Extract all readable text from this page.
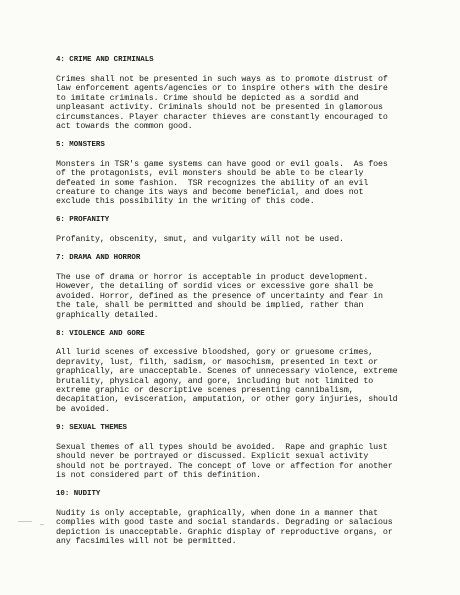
4: CRIME AND CRIMINALS
Crimes shall not be presented in such ways as to promote distrust of
law enforcement agents/agencies or to inspire others with the desire
to imitate criminals. Crime should be depicted as a sordid and
unpleasant activity. Criminals should not be presented in glamorous
circumstances. Player character thieves are constantly encouraged to
act towards the common good.
5: MONSTERS
Monsters in TSR's game systems can have good or evil goals.  As foes
of the protagonists, evil monsters should be able to be clearly
defeated in some fashion.  TSR recognizes the ability of an evil
creature to change its ways and become beneficial, and does not
exclude this possibility in the writing of this code.
6: PROFANITY
Profanity, obscenity, smut, and vulgarity will not be used.
7: DRAMA AND HORROR
The use of drama or horror is acceptable in product development.
However, the detailing of sordid vices or excessive gore shall be
avoided. Horror, defined as the presence of uncertainty and fear in
the tale, shall be permitted and should be implied, rather than
graphically detailed.
8: VIOLENCE AND GORE
All lurid scenes of excessive bloodshed, gory or gruesome crimes,
depravity, lust, filth, sadism, or masochism, presented in text or
graphically, are unacceptable. Scenes of unnecessary violence, extreme
brutality, physical agony, and gore, including but not limited to
extreme graphic or descriptive scenes presenting cannibalism,
decapitation, evisceration, amputation, or other gory injuries, should
be avoided.
9: SEXUAL THEMES
Sexual themes of all types should be avoided.  Rape and graphic lust
should never be portrayed or discussed. Explicit sexual activity
should not be portrayed. The concept of love or affection for another
is not considered part of this definition.
10: NUDITY
Nudity is only acceptable, graphically, when done in a manner that
complies with good taste and social standards. Degrading or salacious
depiction is unacceptable. Graphic display of reproductive organs, or
any facsimiles will not be permitted.
